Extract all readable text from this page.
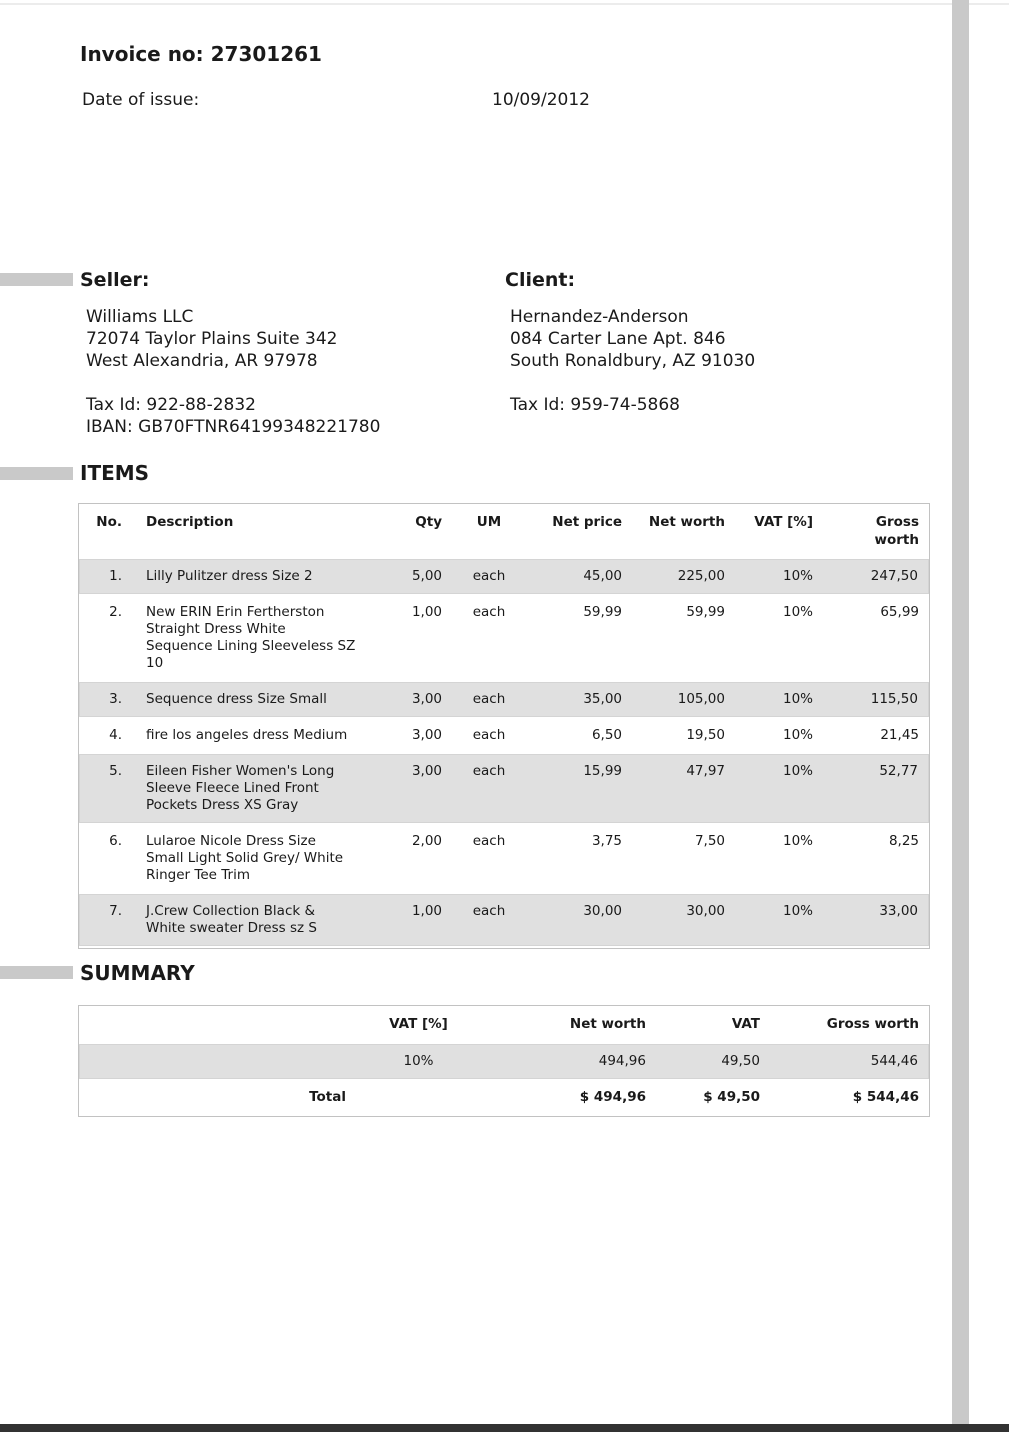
Invoice no: 27301261
Date of issue:	10/09/2012
Seller:	Client:
Williams LLC
72074 Taylor Plains Suite 342
West Alexandria, AR 97978
Tax Id: 922-88-2832
IBAN: GB70FTNR64199348221780
Hernandez-Anderson
084 Carter Lane Apt. 846
South Ronaldbury, AZ 91030
Tax Id: 959-74-5868
ITEMS
No.	Description	Qty	UM	Net price	Net worth	VAT [%]	Gross worth
1.	Lilly Pulitzer dress Size 2	5,00	each	45,00	225,00	10%	247,50
2.	New ERIN Erin Fertherston Straight Dress White Sequence Lining Sleeveless SZ 10	1,00	each	59,99	59,99	10%	65,99
3.	Sequence dress Size Small	3,00	each	35,00	105,00	10%	115,50
4.	fire los angeles dress Medium	3,00	each	6,50	19,50	10%	21,45
5.	Eileen Fisher Women's Long Sleeve Fleece Lined Front Pockets Dress XS Gray	3,00	each	15,99	47,97	10%	52,77
6.	Lularoe Nicole Dress Size Small Light Solid Grey/ White Ringer Tee Trim	2,00	each	3,75	7,50	10%	8,25
7.	J.Crew Collection Black & White sweater Dress sz S	1,00	each	30,00	30,00	10%	33,00
SUMMARY
	VAT [%]	Net worth	VAT	Gross worth
	10%	494,96	49,50	544,46
Total		$ 494,96	$ 49,50	$ 544,46
